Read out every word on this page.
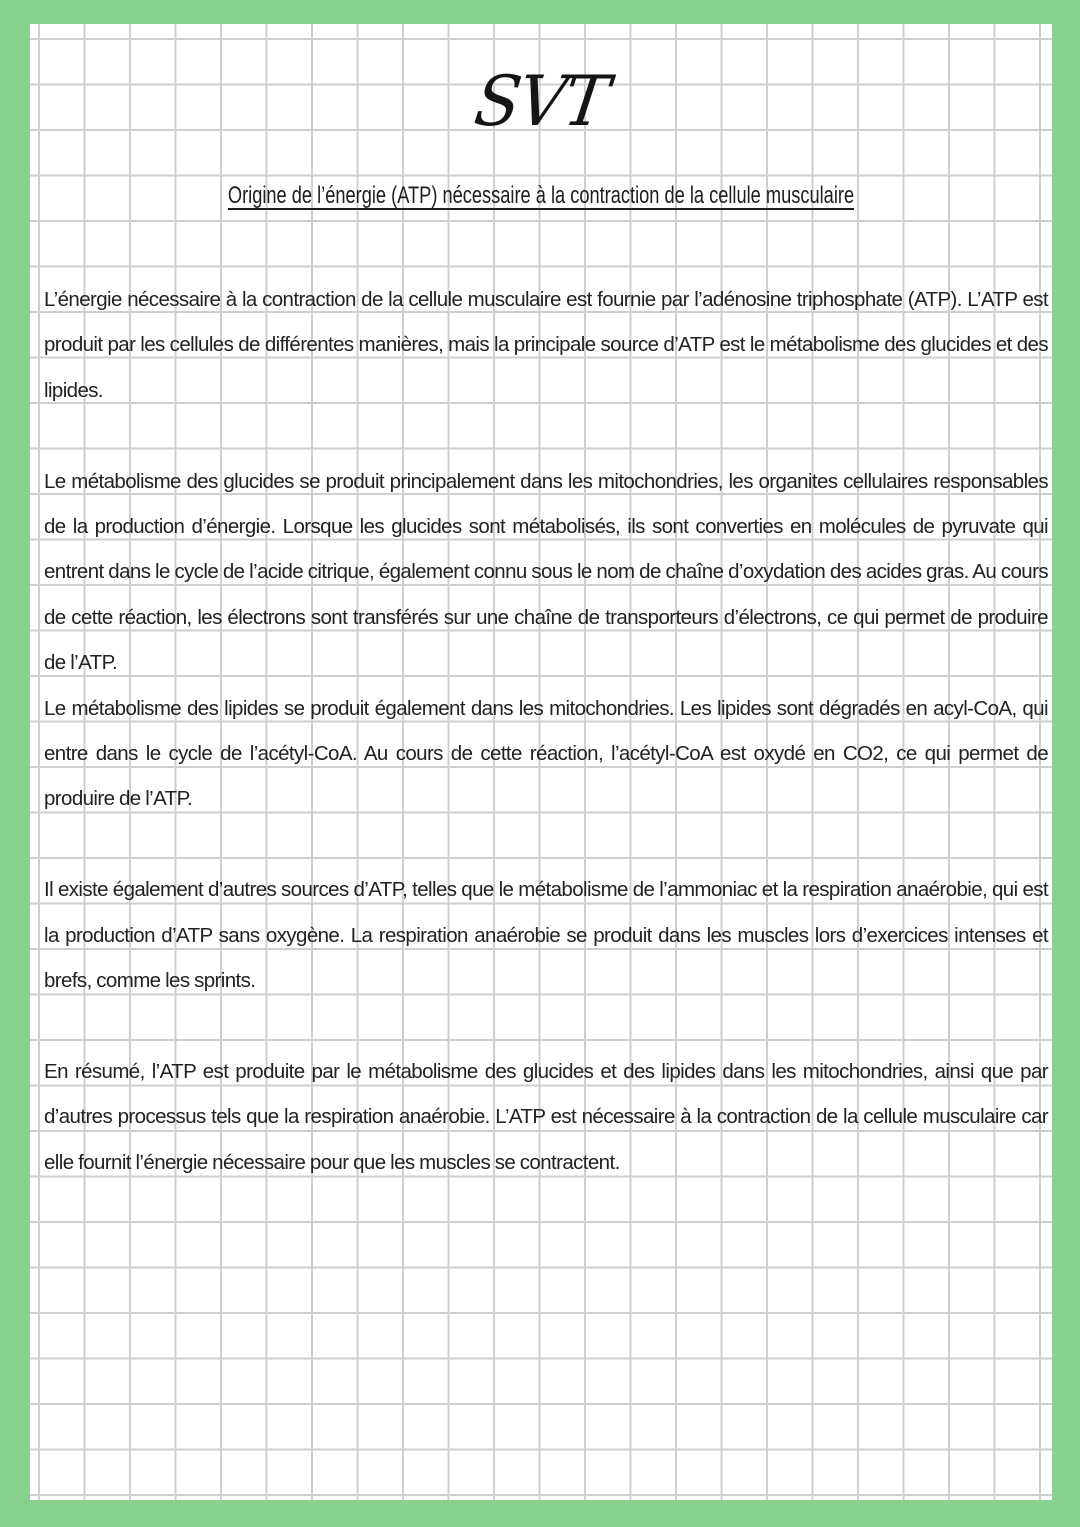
SVT
Origine de l’énergie (ATP) nécessaire à la contraction de la cellule musculaire

L’énergie nécessaire à la contraction de la cellule musculaire est fournie par l’adénosine triphosphate (ATP). L’ATP est produit par les cellules de différentes manières, mais la principale source d’ATP est le métabolisme des glucides et des lipides.

Le métabolisme des glucides se produit principalement dans les mitochondries, les organites cellulaires responsables de la production d’énergie. Lorsque les glucides sont métabolisés, ils sont converties en molécules de pyruvate qui entrent dans le cycle de l’acide citrique, également connu sous le nom de chaîne d’oxydation des acides gras. Au cours de cette réaction, les électrons sont transférés sur une chaîne de transporteurs d’électrons, ce qui permet de produire de l’ATP.

Le métabolisme des lipides se produit également dans les mitochondries. Les lipides sont dégradés en acyl-CoA, qui entre dans le cycle de l’acétyl-CoA. Au cours de cette réaction, l’acétyl-CoA est oxydé en CO2, ce qui permet de produire de l’ATP.

Il existe également d’autres sources d’ATP, telles que le métabolisme de l’ammoniac et la respiration anaérobie, qui est la production d’ATP sans oxygène. La respiration anaérobie se produit dans les muscles lors d’exercices intenses et brefs, comme les sprints.

En résumé, l’ATP est produite par le métabolisme des glucides et des lipides dans les mitochondries, ainsi que par d’autres processus tels que la respiration anaérobie. L’ATP est nécessaire à la contraction de la cellule musculaire car elle fournit l’énergie nécessaire pour que les muscles se contractent.
